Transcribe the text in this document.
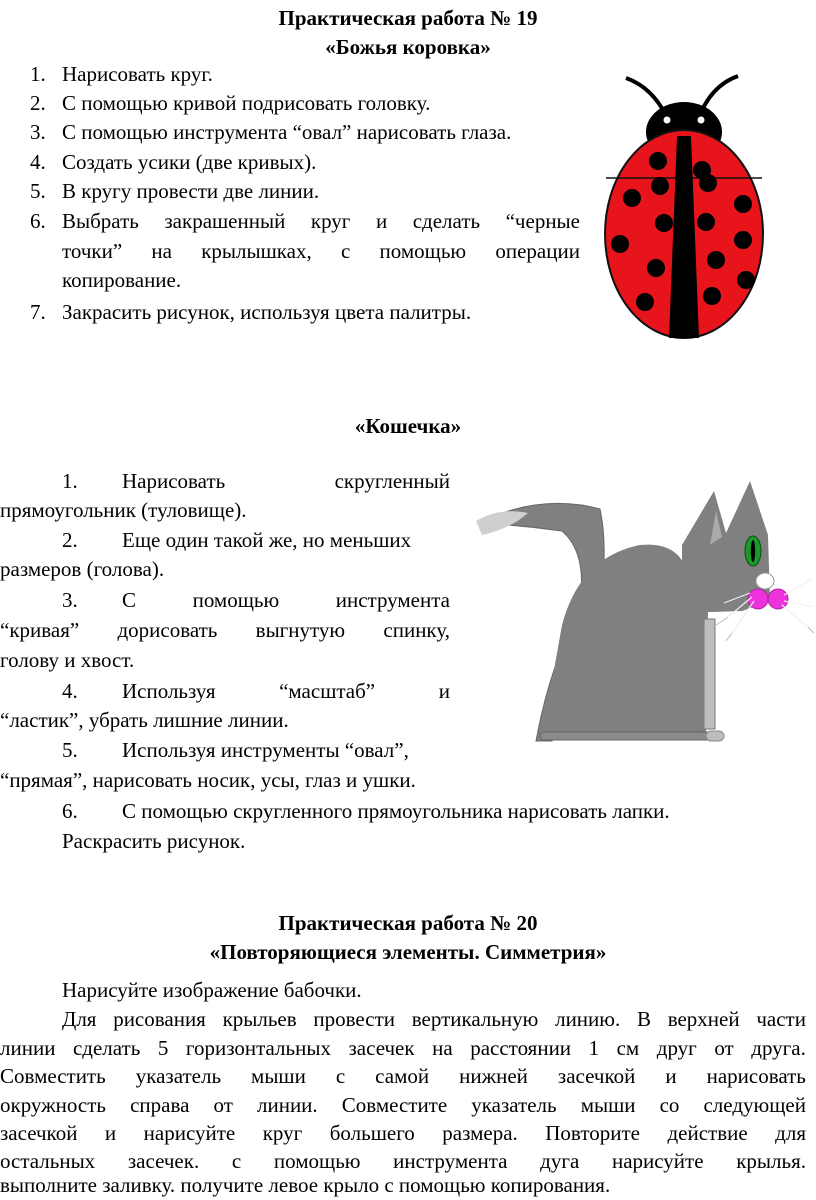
Практическая работа № 19
«Божья коровка»
1. Нарисовать круг.
2. С помощью кривой подрисовать головку.
3. С помощью инструмента “овал” нарисовать глаза.
4. Создать усики (две кривых).
5. В кругу провести две линии.
6. Выбрать закрашенный круг и сделать “черные
точки” на крылышках, с помощью операции
копирование.
7. Закрасить рисунок, используя цвета палитры.
«Кошечка»
1. Нарисовать	скругленный
прямоугольник (туловище).
2. Еще один такой же, но меньших
размеров (голова).
3. С	помощью	инструмента
“кривая” дорисовать выгнутую спинку,
голову и хвост.
4. Используя	“масштаб”	и
“ластик”, убрать лишние линии.
5. Используя инструменты “овал”,
“прямая”, нарисовать носик, усы, глаз и ушки.
6. С помощью скругленного прямоугольника нарисовать лапки.
Раскрасить рисунок.
Практическая работа № 20
«Повторяющиеся элементы. Симметрия»
Нарисуйте изображение бабочки.
Для рисования крыльев провести вертикальную линию. В верхней части
линии сделать 5 горизонтальных засечек на расстоянии 1 см друг от друга.
Совместить указатель мыши с самой нижней засечкой и нарисовать
окружность справа от линии. Совместите указатель мыши со следующей
засечкой и нарисуйте круг большего размера. Повторите действие для
остальных засечек. с помощью инструмента дуга нарисуйте крылья.
выполните заливку. получите левое крыло с помощью копирования.
